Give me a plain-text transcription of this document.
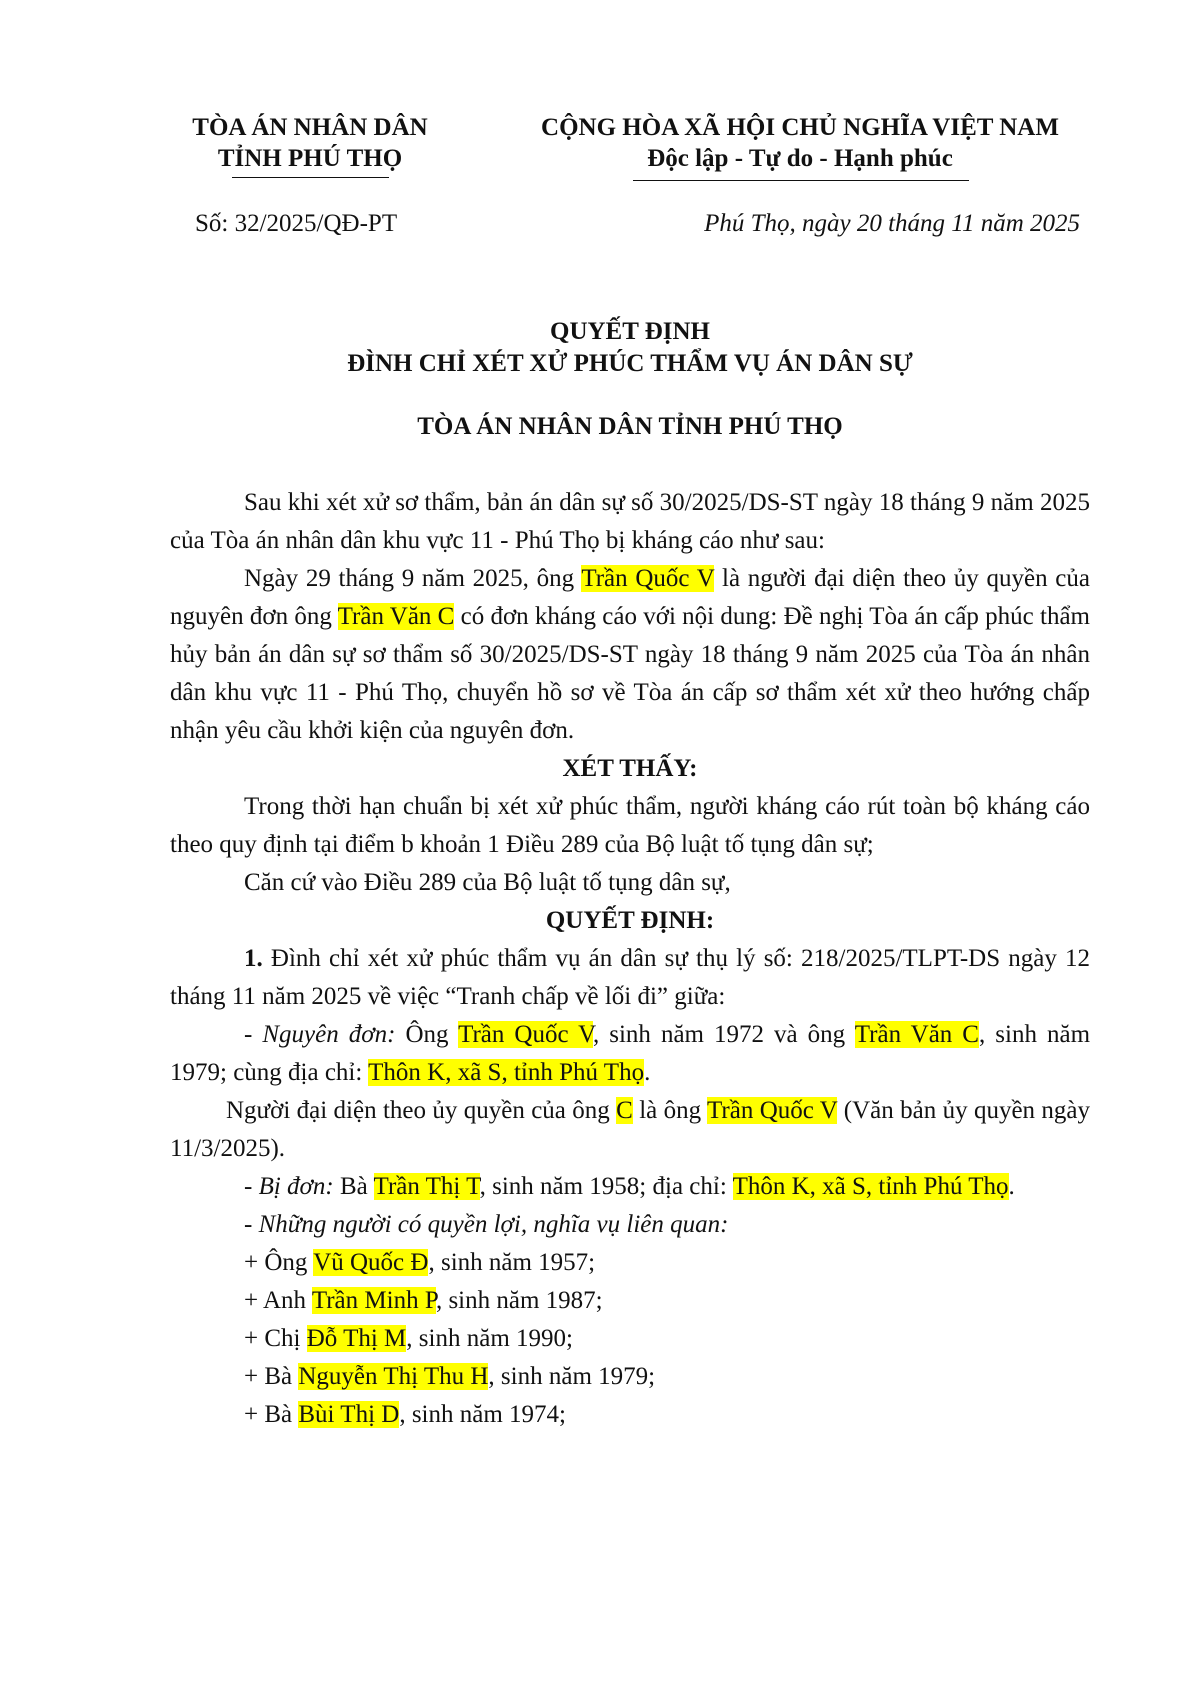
TÒA ÁN NHÂN DÂN
TỈNH PHÚ THỌ
CỘNG HÒA XÃ HỘI CHỦ NGHĨA VIỆT NAM
Độc lập - Tự do - Hạnh phúc
Số: 32/2025/QĐ-PT	Phú Thọ, ngày 20 tháng 11 năm 2025
QUYẾT ĐỊNH
ĐÌNH CHỈ XÉT XỬ PHÚC THẨM VỤ ÁN DÂN SỰ
TÒA ÁN NHÂN DÂN TỈNH PHÚ THỌ

Sau khi xét xử sơ thẩm, bản án dân sự số 30/2025/DS-ST ngày 18 tháng 9 năm 2025 của Tòa án nhân dân khu vực 11 - Phú Thọ bị kháng cáo như sau:

Ngày 29 tháng 9 năm 2025, ông Trần Quốc V là người đại diện theo ủy quyền của nguyên đơn ông Trần Văn C có đơn kháng cáo với nội dung: Đề nghị Tòa án cấp phúc thẩm hủy bản án dân sự sơ thẩm số 30/2025/DS-ST ngày 18 tháng 9 năm 2025 của Tòa án nhân dân khu vực 11 - Phú Thọ, chuyển hồ sơ về Tòa án cấp sơ thẩm xét xử theo hướng chấp nhận yêu cầu khởi kiện của nguyên đơn.

XÉT THẤY:

Trong thời hạn chuẩn bị xét xử phúc thẩm, người kháng cáo rút toàn bộ kháng cáo theo quy định tại điểm b khoản 1 Điều 289 của Bộ luật tố tụng dân sự;

Căn cứ vào Điều 289 của Bộ luật tố tụng dân sự,

QUYẾT ĐỊNH:

1. Đình chỉ xét xử phúc thẩm vụ án dân sự thụ lý số: 218/2025/TLPT-DS ngày 12 tháng 11 năm 2025 về việc “Tranh chấp về lối đi” giữa:

- Nguyên đơn: Ông Trần Quốc V, sinh năm 1972 và ông Trần Văn C, sinh năm 1979; cùng địa chỉ: Thôn K, xã S, tỉnh Phú Thọ.

Người đại diện theo ủy quyền của ông C là ông Trần Quốc V (Văn bản ủy quyền ngày 11/3/2025).

- Bị đơn: Bà Trần Thị T, sinh năm 1958; địa chỉ: Thôn K, xã S, tỉnh Phú Thọ.

- Những người có quyền lợi, nghĩa vụ liên quan:

+ Ông Vũ Quốc Đ, sinh năm 1957;

+ Anh Trần Minh P, sinh năm 1987;

+ Chị Đỗ Thị M, sinh năm 1990;

+ Bà Nguyễn Thị Thu H, sinh năm 1979;

+ Bà Bùi Thị D, sinh năm 1974;
